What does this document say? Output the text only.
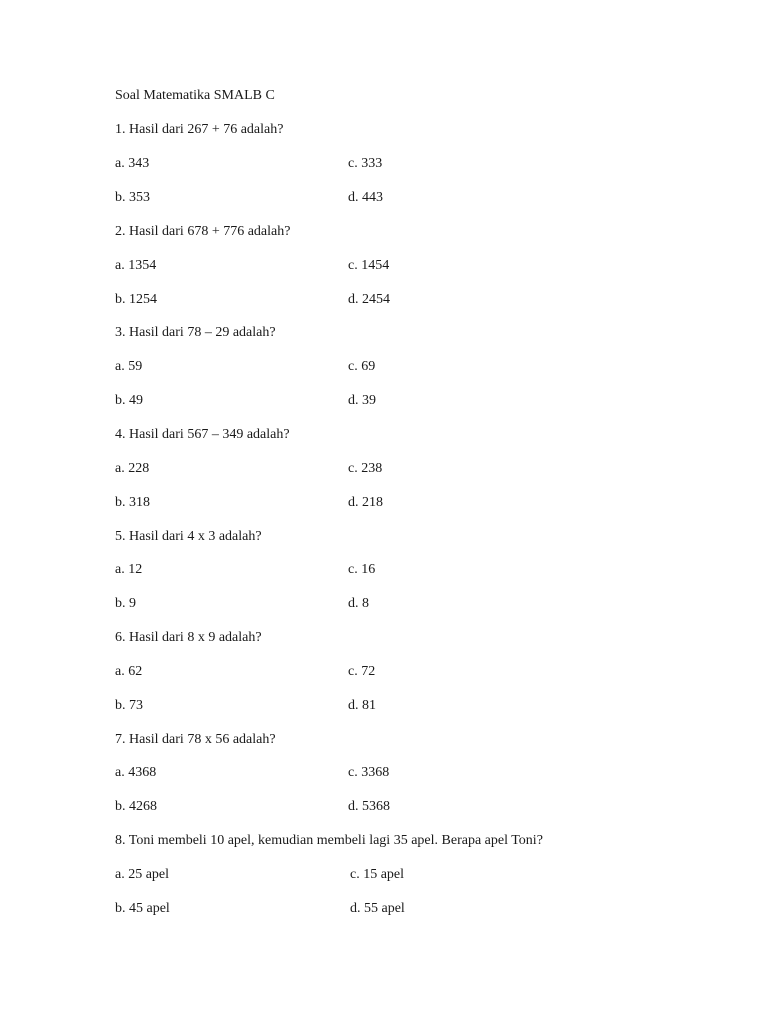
Soal Matematika SMALB C
1. Hasil dari 267 + 76 adalah?
a. 343	c. 333
b. 353	d. 443
2. Hasil dari 678 + 776 adalah?
a. 1354	c. 1454
b. 1254	d. 2454
3. Hasil dari 78 – 29 adalah?
a. 59	c. 69
b. 49	d. 39
4. Hasil dari 567 – 349 adalah?
a. 228	c. 238
b. 318	d. 218
5. Hasil dari 4 x 3 adalah?
a. 12	c. 16
b. 9	d. 8
6. Hasil dari 8 x 9 adalah?
a. 62	c. 72
b. 73	d. 81
7. Hasil dari 78 x 56 adalah?
a. 4368	c. 3368
b. 4268	d. 5368
8. Toni membeli 10 apel, kemudian membeli lagi 35 apel. Berapa apel Toni?
a. 25 apel	c. 15 apel
b. 45 apel	d. 55 apel
